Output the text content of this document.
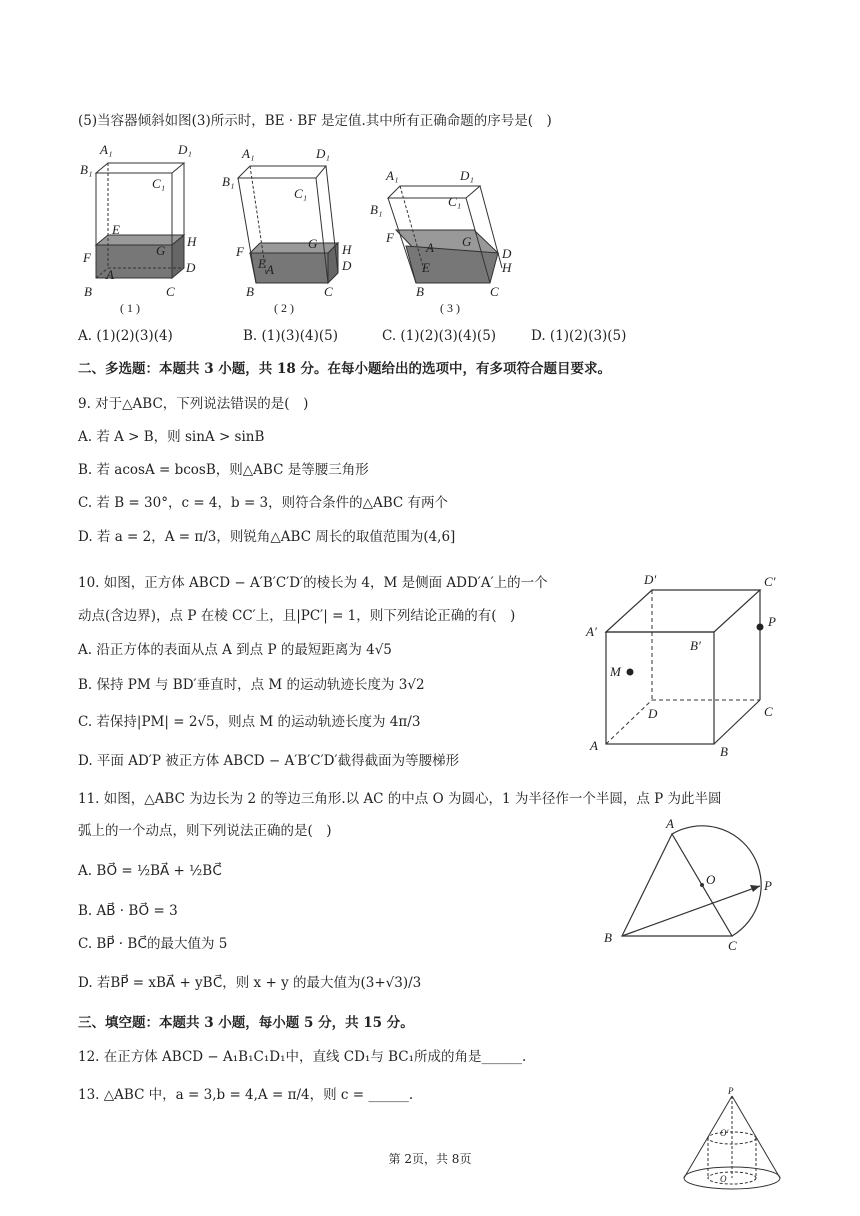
(5)当容器倾斜如图(3)所示时，BE · BF 是定值.其中所有正确命题的序号是(　)
A₁	D₁
B₁
C₁
E
F	G
H
A	D
B	C
( 1 )
A₁	D₁
B₁
C₁
F
G H
E A	D
B	C
( 2 )
A₁	D₁
B₁
C₁
F
A G
D
H
E
B	C
( 3 )
A. (1)(2)(3)(4)	B. (1)(3)(4)(5)	C. (1)(2)(3)(4)(5)	D. (1)(2)(3)(5)
二、多选题：本题共 3 小题，共 18 分。在每小题给出的选项中，有多项符合题目要求。
9. 对于△ABC，下列说法错误的是(　)
A. 若 A > B，则 sinA > sinB
B. 若 acosA = bcosB，则△ABC 是等腰三角形
C. 若 B = 30°，c = 4，b = 3，则符合条件的△ABC 有两个
D. 若 a = 2，A = π/3，则锐角△ABC 周长的取值范围为(4,6]
10. 如图，正方体 ABCD − A′B′C′D′的棱长为 4，M 是侧面 ADD′A′上的一个
动点(含边界)，点 P 在棱 CC′上，且|PC′| = 1，则下列结论正确的有(　)
A. 沿正方体的表面从点 A 到点 P 的最短距离为 4√5
B. 保持 PM 与 BD′垂直时，点 M 的运动轨迹长度为 3√2
C. 若保持|PM| = 2√5，则点 M 的运动轨迹长度为 4π/3
D. 平面 AD′P 被正方体 ABCD − A′B′C′D′截得截面为等腰梯形
D′	C′
A′
B′
P
M
D	C
A	B
11. 如图，△ABC 为边长为 2 的等边三角形.以 AC 的中点 O 为圆心，1 为半径作一个半圆，点 P 为此半圆
弧上的一个动点，则下列说法正确的是(　)
A. BO⃗ = ½BA⃗ + ½BC⃗
B. AB⃗ · BO⃗ = 3
C. BP⃗ · BC⃗的最大值为 5
D. 若BP⃗ = xBA⃗ + yBC⃗，则 x + y 的最大值为(3+√3)/3
A
B
C
O	P
三、填空题：本题共 3 小题，每小题 5 分，共 15 分。
12. 在正方体 ABCD − A₁B₁C₁D₁中，直线 CD₁与 BC₁所成的角是______.
13. △ABC 中，a = 3,b = 4,A = π/4，则 c = ______.	P
O′
O
第 2页，共 8页
